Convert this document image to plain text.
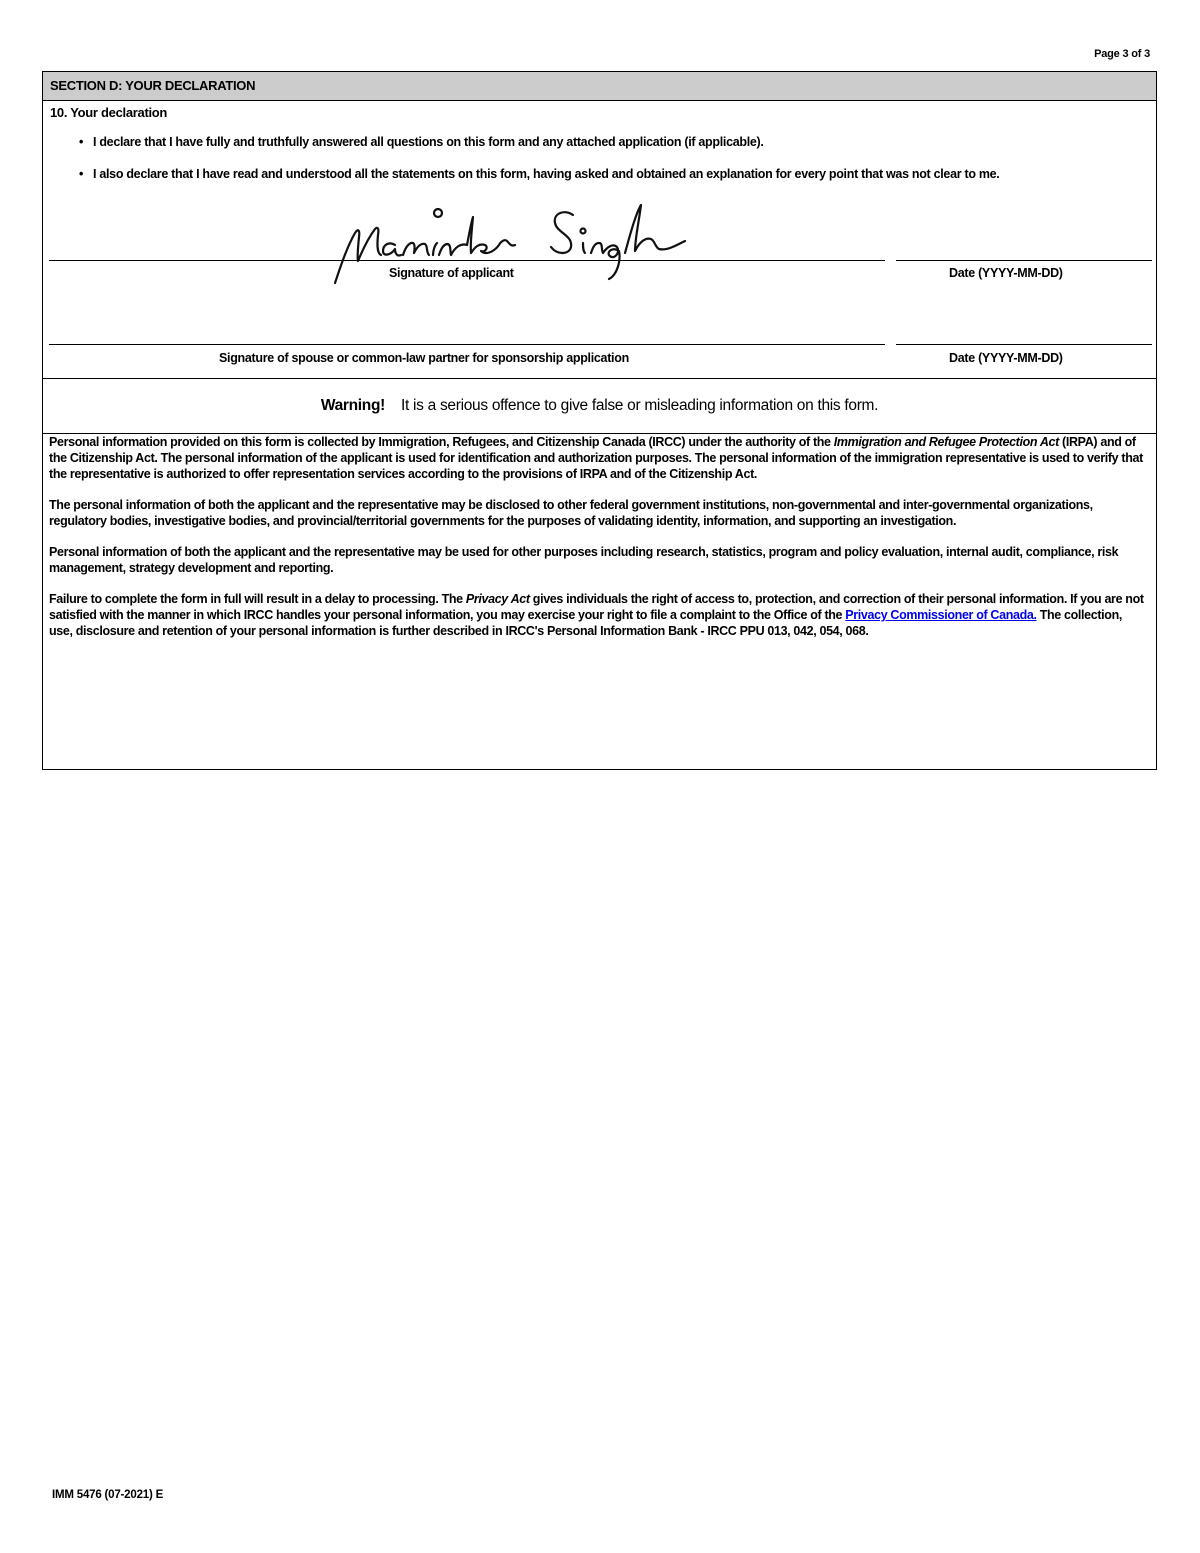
Page 3 of 3
SECTION D: YOUR DECLARATION
10. Your declaration
• I declare that I have fully and truthfully answered all questions on this form and any attached application (if applicable).
• I also declare that I have read and understood all the statements on this form, having asked and obtained an explanation for every point that was not clear to me.
Signature of applicant	Date (YYYY-MM-DD)
Signature of spouse or common-law partner for sponsorship application	Date (YYYY-MM-DD)
Warning! It is a serious offence to give false or misleading information on this form.

Personal information provided on this form is collected by Immigration, Refugees, and Citizenship Canada (IRCC) under the authority of the Immigration and Refugee Protection Act (IRPA) and of the Citizenship Act. The personal information of the applicant is used for identification and authorization purposes. The personal information of the immigration representative is used to verify that the representative is authorized to offer representation services according to the provisions of IRPA and of the Citizenship Act.

The personal information of both the applicant and the representative may be disclosed to other federal government institutions, non-governmental and inter-governmental organizations, regulatory bodies, investigative bodies, and provincial/territorial governments for the purposes of validating identity, information, and supporting an investigation.

Personal information of both the applicant and the representative may be used for other purposes including research, statistics, program and policy evaluation, internal audit, compliance, risk management, strategy development and reporting.

Failure to complete the form in full will result in a delay to processing. The Privacy Act gives individuals the right of access to, protection, and correction of their personal information. If you are not satisfied with the manner in which IRCC handles your personal information, you may exercise your right to file a complaint to the Office of the Privacy Commissioner of Canada. The collection, use, disclosure and retention of your personal information is further described in IRCC's Personal Information Bank - IRCC PPU 013, 042, 054, 068.

IMM 5476 (07-2021) E
